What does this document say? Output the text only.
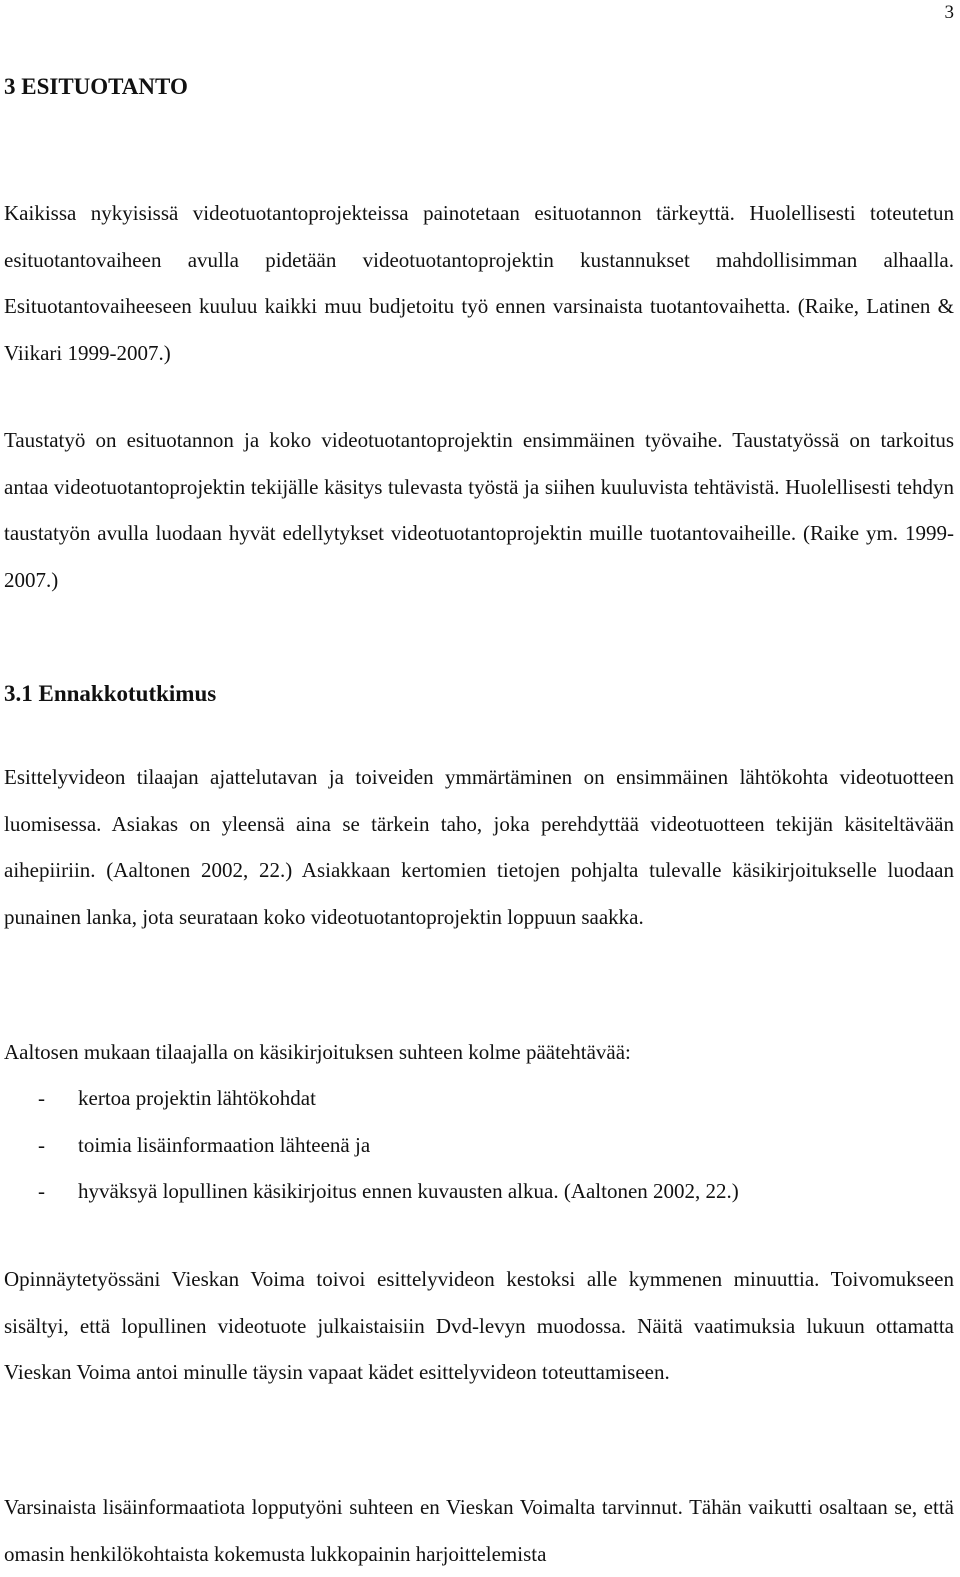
3
3 ESITUOTANTO

Kaikissa nykyisissä videotuotantoprojekteissa painotetaan esituotannon tärkeyttä. Huolellisesti toteutetun esituotantovaiheen avulla pidetään videotuotantoprojektin kustannukset mahdollisimman alhaalla. Esituotantovaiheeseen kuuluu kaikki muu budjetoitu työ ennen varsinaista tuotantovaihetta. (Raike, Latinen & Viikari 1999-2007.)

Taustatyö on esituotannon ja koko videotuotantoprojektin ensimmäinen työvaihe. Taustatyössä on tarkoitus antaa videotuotantoprojektin tekijälle käsitys tulevasta työstä ja siihen kuuluvista tehtävistä. Huolellisesti tehdyn taustatyön avulla luodaan hyvät edellytykset videotuotantoprojektin muille tuotantovaiheille. (Raike ym. 1999-2007.)

3.1 Ennakkotutkimus

Esittelyvideon tilaajan ajattelutavan ja toiveiden ymmärtäminen on ensimmäinen lähtökohta videotuotteen luomisessa. Asiakas on yleensä aina se tärkein taho, joka perehdyttää videotuotteen tekijän käsiteltävään aihepiiriin. (Aaltonen 2002, 22.) Asiakkaan kertomien tietojen pohjalta tulevalle käsikirjoitukselle luodaan punainen lanka, jota seurataan koko videotuotantoprojektin loppuun saakka.

Aaltosen mukaan tilaajalla on käsikirjoituksen suhteen kolme päätehtävää:

- kertoa projektin lähtökohdat
- toimia lisäinformaation lähteenä ja
- hyväksyä lopullinen käsikirjoitus ennen kuvausten alkua. (Aaltonen 2002, 22.)

Opinnäytetyössäni Vieskan Voima toivoi esittelyvideon kestoksi alle kymmenen minuuttia. Toivomukseen sisältyi, että lopullinen videotuote julkaistaisiin Dvd-levyn muodossa. Näitä vaatimuksia lukuun ottamatta Vieskan Voima antoi minulle täysin vapaat kädet esittelyvideon toteuttamiseen.

Varsinaista lisäinformaatiota lopputyöni suhteen en Vieskan Voimalta tarvinnut. Tähän vaikutti osaltaan se, että omasin henkilökohtaista kokemusta lukkopainin harjoittelemista
